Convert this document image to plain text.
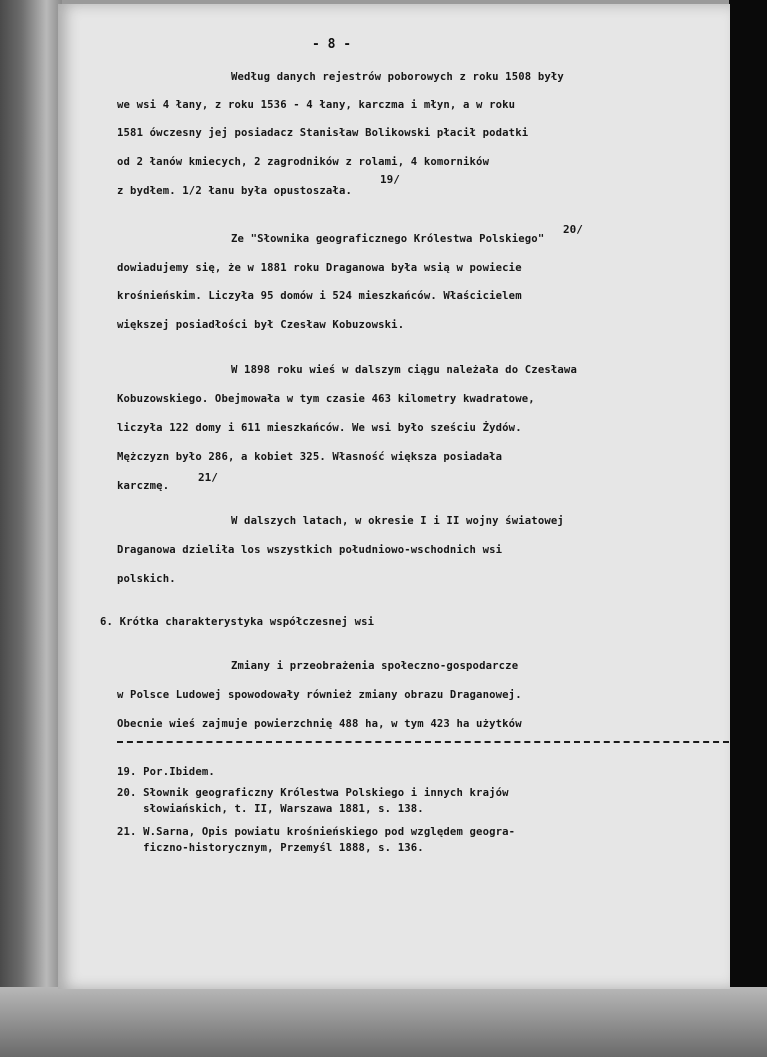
- 8 -
Według danych rejestrów poborowych z roku 1508 były
we wsi 4 łany, z roku 1536 - 4 łany, karczma i młyn, a w roku
1581 ówczesny jej posiadacz Stanisław Bolikowski płacił podatki
od 2 łanów kmiecych, 2 zagrodników z rolami, 4 komorników
z bydłem. 1/2 łanu była opustoszała.
19/
Ze "Słownika geograficznego Królestwa Polskiego"
20/
dowiadujemy się, że w 1881 roku Draganowa była wsią w powiecie
krośnieńskim. Liczyła 95 domów i 524 mieszkańców. Właścicielem
większej posiadłości był Czesław Kobuzowski.
W 1898 roku wieś w dalszym ciągu należała do Czesława
Kobuzowskiego. Obejmowała w tym czasie 463 kilometry kwadratowe,
liczyła 122 domy i 611 mieszkańców. We wsi było sześciu Żydów.
Mężczyzn było 286, a kobiet 325. Własność większa posiadała
karczmę.
21/
W dalszych latach, w okresie I i II wojny światowej
Draganowa dzieliła los wszystkich południowo-wschodnich wsi
polskich.
6. Krótka charakterystyka współczesnej wsi
Zmiany i przeobrażenia społeczno-gospodarcze
w Polsce Ludowej spowodowały również zmiany obrazu Draganowej.
Obecnie wieś zajmuje powierzchnię 488 ha, w tym 423 ha użytków
19. Por.Ibidem.
20. Słownik geograficzny Królestwa Polskiego i innych krajów
słowiańskich, t. II, Warszawa 1881, s. 138.
21. W.Sarna, Opis powiatu krośnieńskiego pod względem geogra-
ficzno-historycznym, Przemyśl 1888, s. 136.
